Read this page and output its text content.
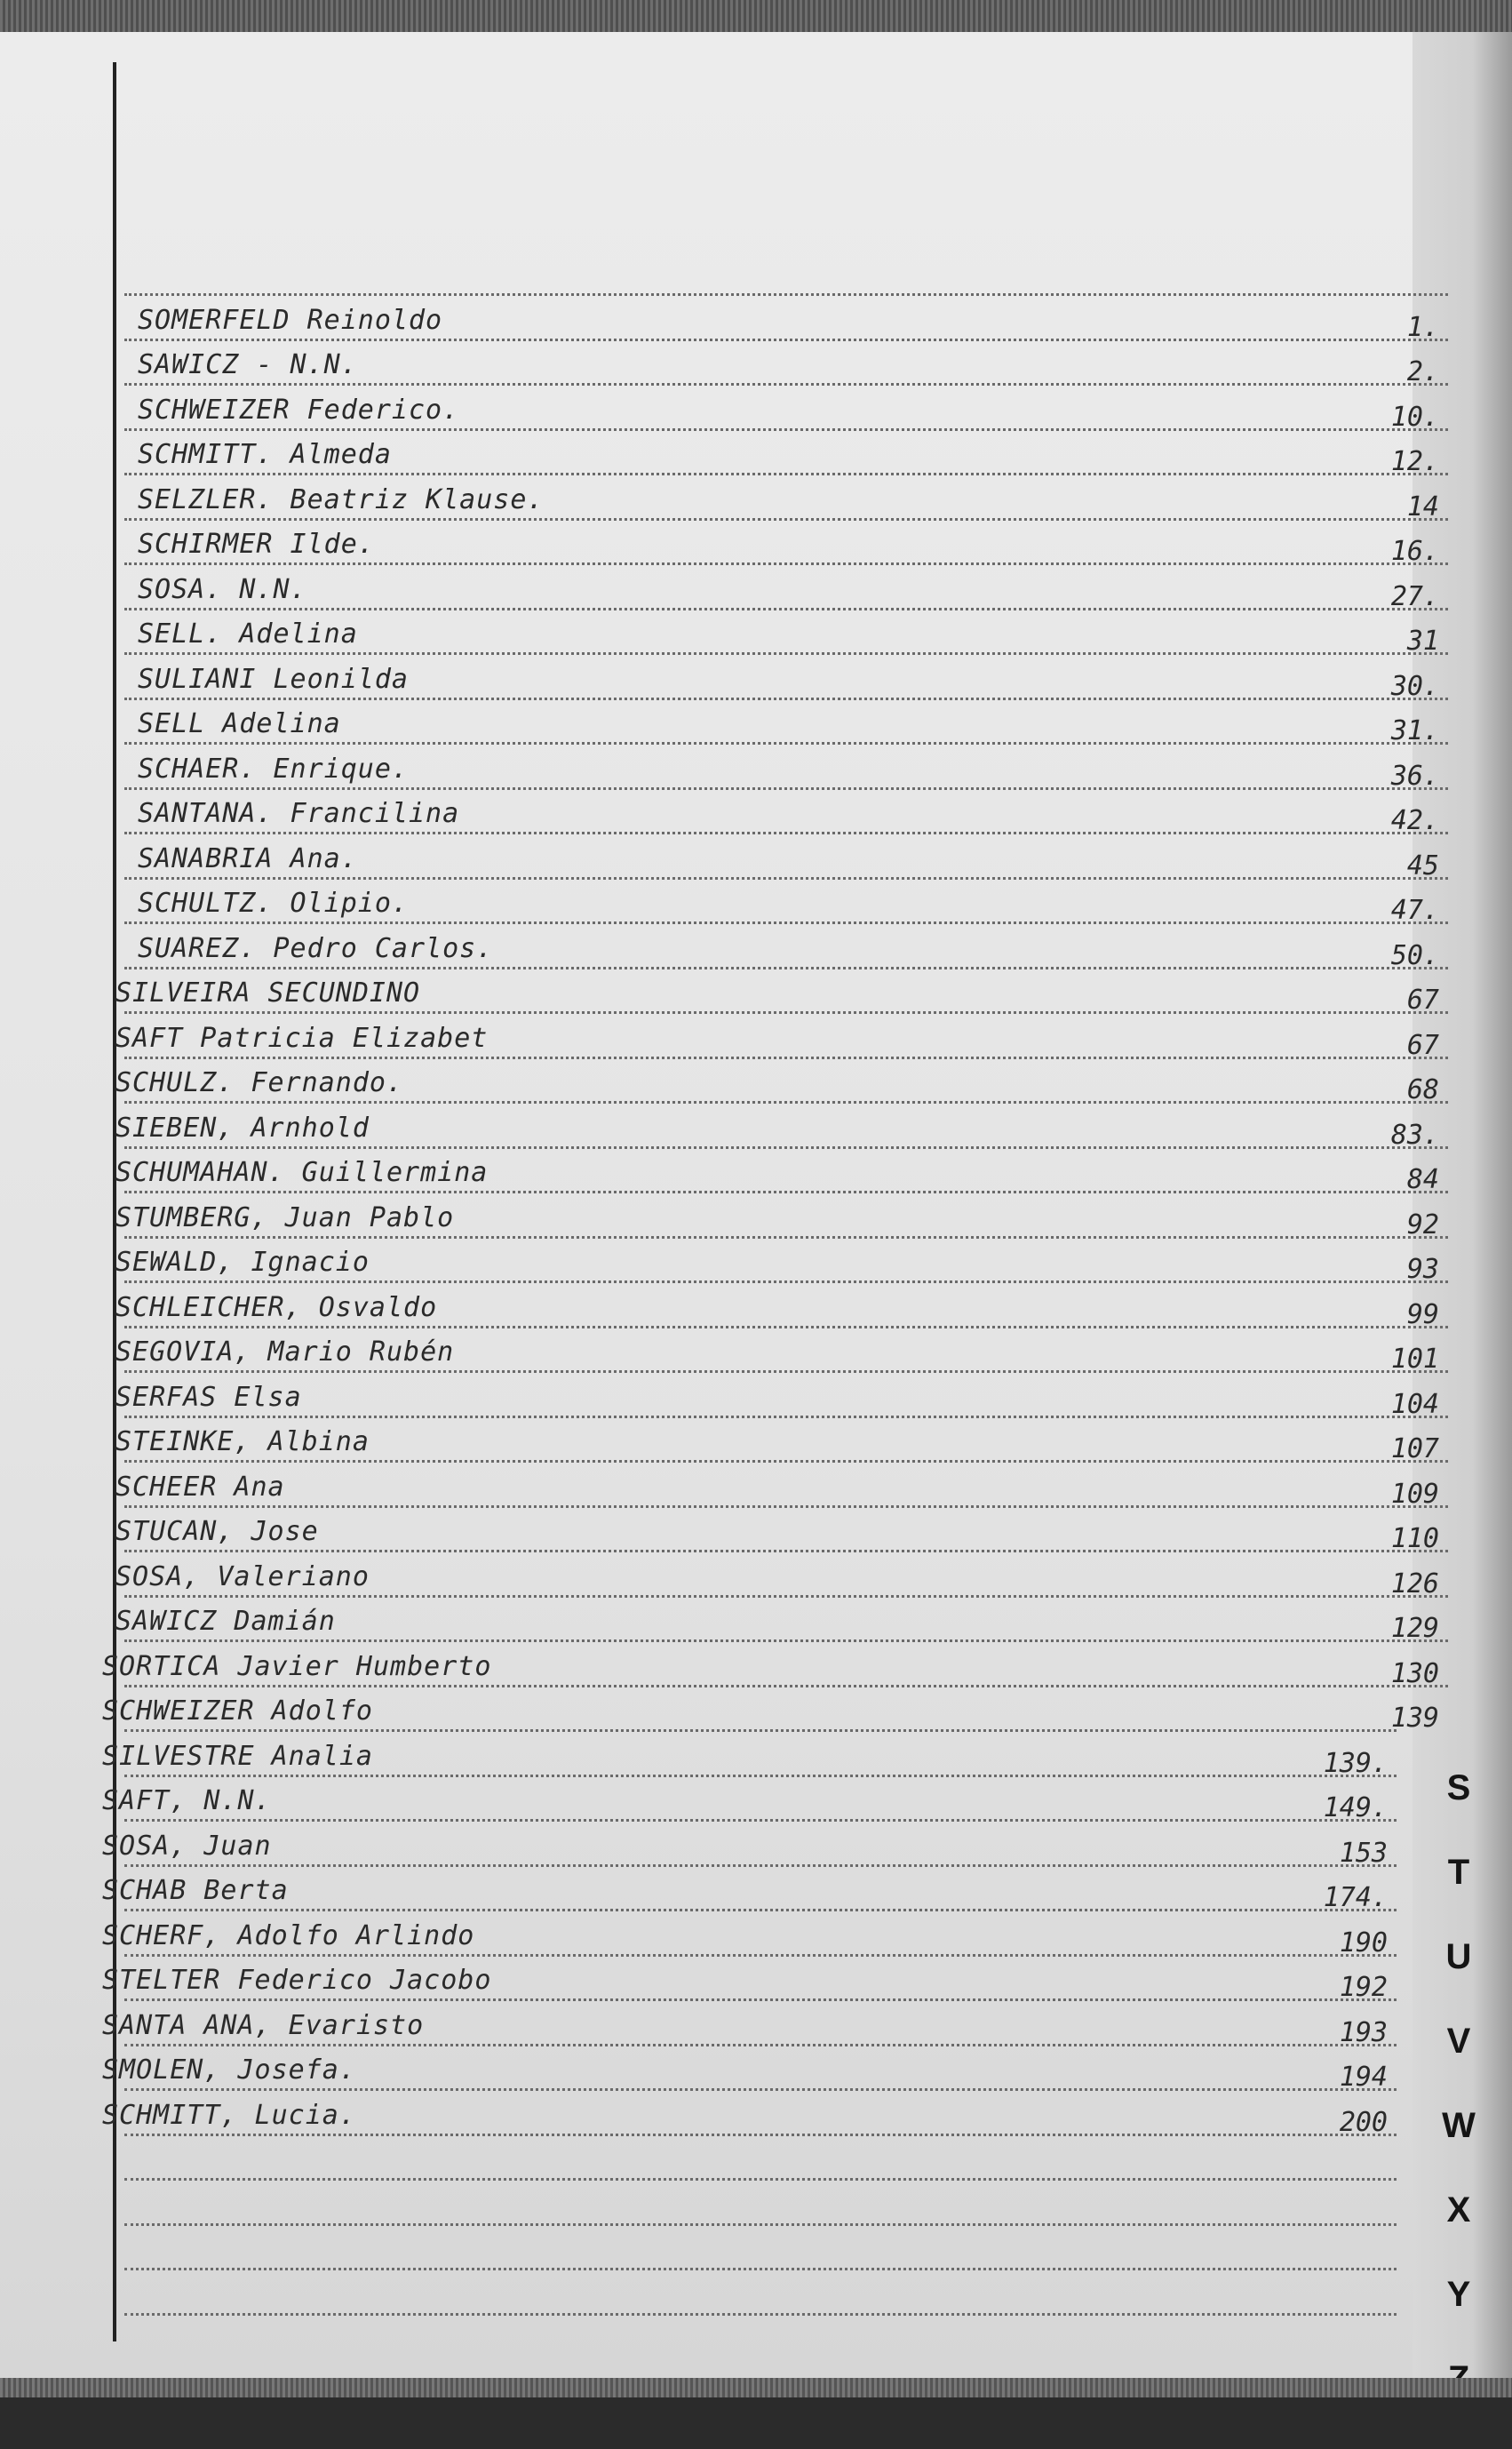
SOMERFELD Reinoldo	1.
SAWICZ - N.N.	2.
SCHWEIZER Federico.	10.
SCHMITT. Almeda	12.
SELZLER. Beatriz Klause.	14
SCHIRMER Ilde.	16.
SOSA. N.N.	27.
SELL. Adelina	31
SULIANI Leonilda	30.
SELL Adelina	31.
SCHAER. Enrique.	36.
SANTANA. Francilina	42.
SANABRIA Ana.	45
SCHULTZ. Olipio.	47.
SUAREZ. Pedro Carlos.	50.
SILVEIRA SECUNDINO	67
SAFT Patricia Elizabet	67
SCHULZ. Fernando.	68
SIEBEN, Arnhold	83.
SCHUMAHAN. Guillermina	84
STUMBERG, Juan Pablo	92
SEWALD, Ignacio	93
SCHLEICHER, Osvaldo	99
SEGOVIA, Mario Rubén	101
SERFAS Elsa	104
STEINKE, Albina	107
SCHEER Ana	109
STUCAN, Jose	110
SOSA, Valeriano	126
SAWICZ Damián	129
SORTICA Javier Humberto	130
SCHWEIZER Adolfo	139
SILVESTRE Analia	139.
SAFT, N.N.	149.
SOSA, Juan	153
SCHAB Berta	174.
SCHERF, Adolfo Arlindo	190
STELTER Federico Jacobo	192
SANTA ANA, Evaristo	193
SMOLEN, Josefa.	194
SCHMITT, Lucia.	200
S
T
U
V
W
X
Y
